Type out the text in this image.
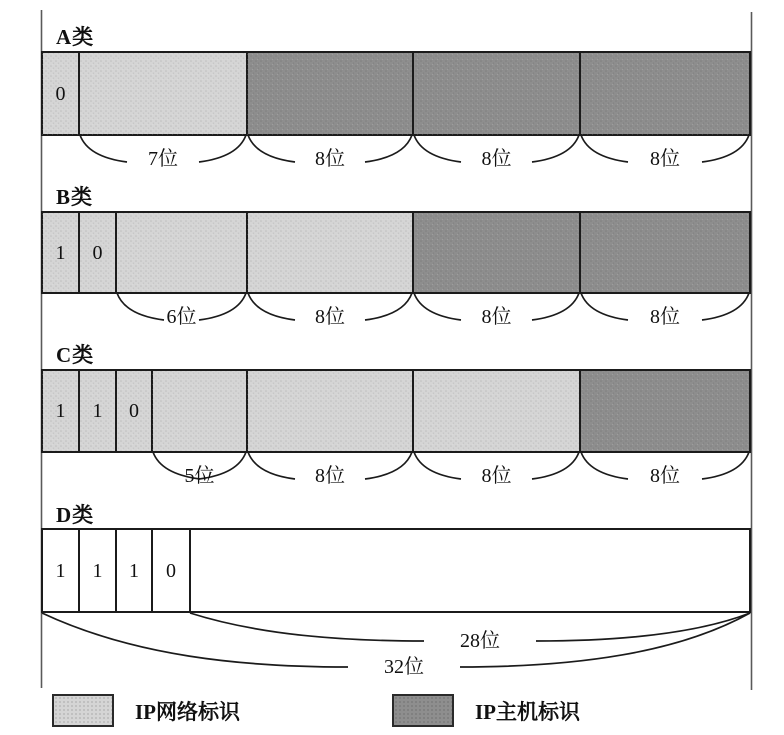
A类
0
7位	8位	8位	8位
B类
1 0
6位	8位	8位	8位
C类
1 1 0
5位	8位	8位	8位
D类
1 1 1 0
28位
32位
IP网络标识	IP主机标识
